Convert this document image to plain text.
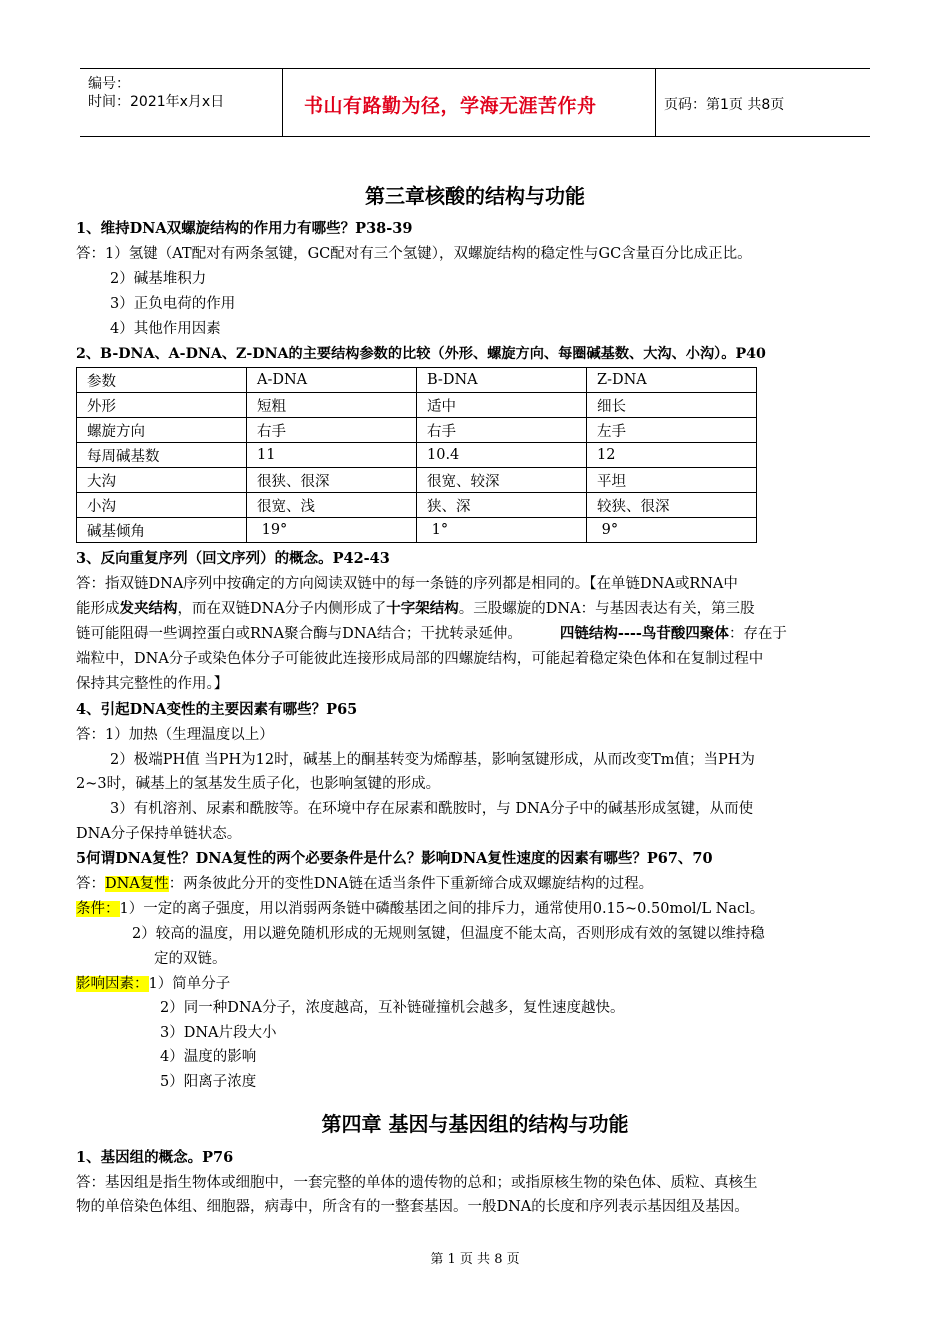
编号：
时间：2021年x月x日	书山有路勤为径，学海无涯苦作舟	页码：第1页 共8页
第三章核酸的结构与功能
1、维持DNA双螺旋结构的作用力有哪些？P38-39
答：1）氢键（AT配对有两条氢键，GC配对有三个氢键），双螺旋结构的稳定性与GC含量百分比成正比。
2）碱基堆积力
3）正负电荷的作用
4）其他作用因素
2、B-DNA、A-DNA、Z-DNA的主要结构参数的比较（外形、螺旋方向、每圈碱基数、大沟、小沟）。P40
参数	A-DNA	B-DNA	Z-DNA
外形	短粗	适中	细长
螺旋方向	右手	右手	左手
每周碱基数	11	10.4	12
大沟	很狭、很深	很宽、较深	平坦
小沟	很宽、浅	狭、深	较狭、很深
碱基倾角	19°	1°	9°
3、反向重复序列（回文序列）的概念。P42-43
答：指双链DNA序列中按确定的方向阅读双链中的每一条链的序列都是相同的。【在单链DNA或RNA中
能形成发夹结构，而在双链DNA分子内侧形成了十字架结构。三股螺旋的DNA：与基因表达有关，第三股
链可能阻碍一些调控蛋白或RNA聚合酶与DNA结合；干扰转录延伸。	四链结构----鸟苷酸四聚体：存在于
端粒中，DNA分子或染色体分子可能彼此连接形成局部的四螺旋结构，可能起着稳定染色体和在复制过程中
保持其完整性的作用。】
4、引起DNA变性的主要因素有哪些？P65
答：1）加热（生理温度以上）
2）极端PH值 当PH为12时，碱基上的酮基转变为烯醇基，影响氢键形成，从而改变Tm值；当PH为
2~3时，碱基上的氢基发生质子化，也影响氢键的形成。
3）有机溶剂、尿素和酰胺等。在环境中存在尿素和酰胺时，与 DNA分子中的碱基形成氢键，从而使
DNA分子保持单链状态。
5何谓DNA复性？DNA复性的两个必要条件是什么？影响DNA复性速度的因素有哪些？P67、70
答：DNA复性：两条彼此分开的变性DNA链在适当条件下重新缔合成双螺旋结构的过程。
条件：1）一定的离子强度，用以消弱两条链中磷酸基团之间的排斥力，通常使用0.15~0.50mol/L Nacl。
2）较高的温度，用以避免随机形成的无规则氢键，但温度不能太高，否则形成有效的氢键以维持稳
定的双链。
影响因素：1）简单分子
2）同一种DNA分子，浓度越高，互补链碰撞机会越多，复性速度越快。
3）DNA片段大小
4）温度的影响
5）阳离子浓度
第四章 基因与基因组的结构与功能
1、基因组的概念。P76
答：基因组是指生物体或细胞中，一套完整的单体的遗传物的总和；或指原核生物的染色体、质粒、真核生
物的单倍染色体组、细胞器，病毒中，所含有的一整套基因。一般DNA的长度和序列表示基因组及基因。
第 1 页 共 8 页
